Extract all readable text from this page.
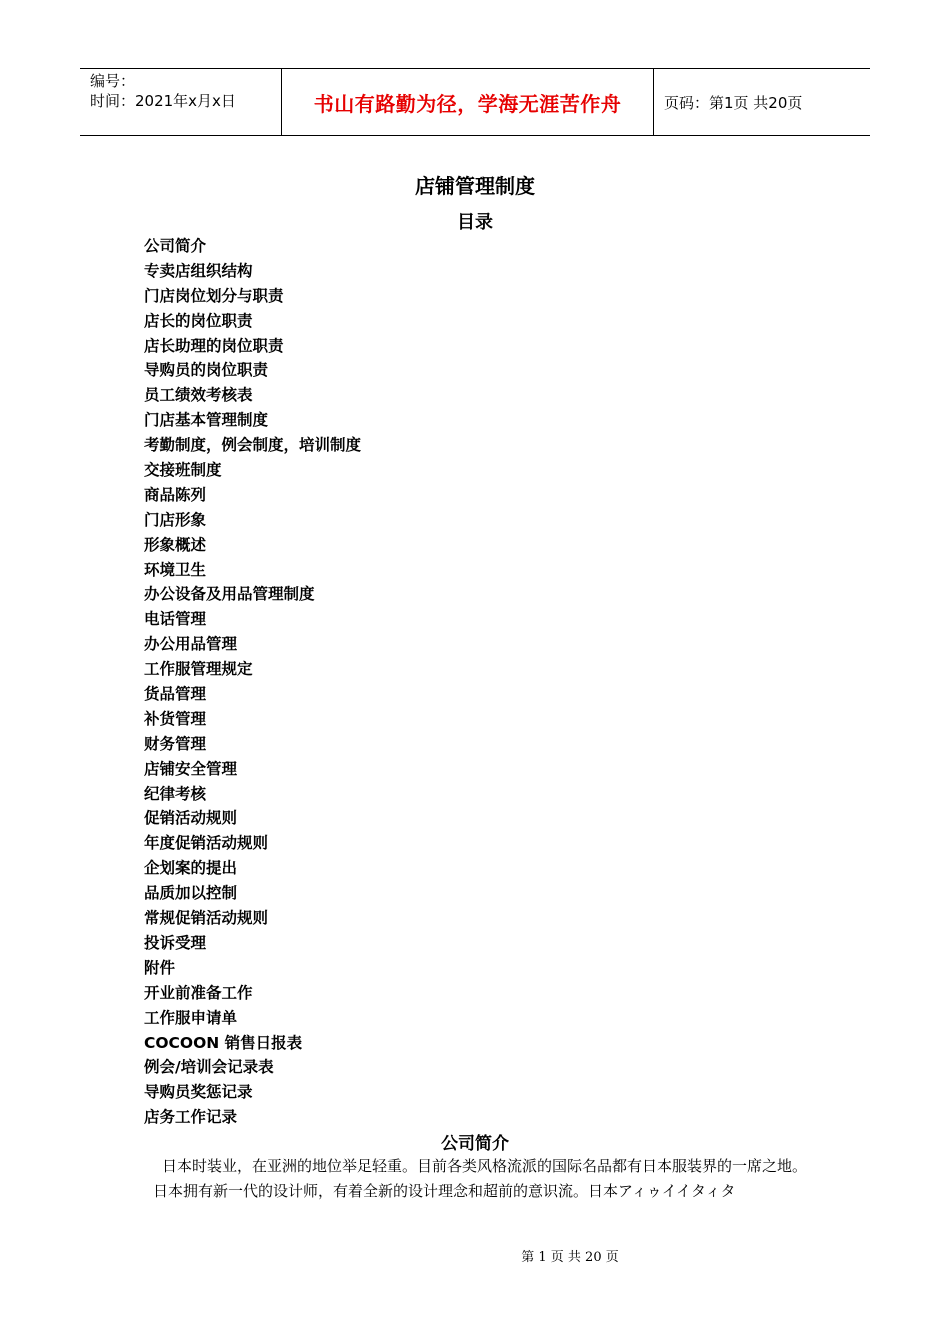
编号：
时间：2021年x月x日	书山有路勤为径，学海无涯苦作舟	页码：第1页 共20页
店铺管理制度
目录
公司简介
专卖店组织结构
门店岗位划分与职责
店长的岗位职责
店长助理的岗位职责
导购员的岗位职责
员工绩效考核表
门店基本管理制度
考勤制度，例会制度，培训制度
交接班制度
商品陈列
门店形象
形象概述
环境卫生
办公设备及用品管理制度
电话管理
办公用品管理
工作服管理规定
货品管理
补货管理
财务管理
店铺安全管理
纪律考核
促销活动规则
年度促销活动规则
企划案的提出
品质加以控制
常规促销活动规则
投诉受理
附件
开业前准备工作
工作服申请单
COCOON 销售日报表
例会/培训会记录表
导购员奖惩记录
店务工作记录
公司简介

日本时装业，在亚洲的地位举足轻重。目前各类风格流派的国际名品都有日本服装界的一席之地。

日本拥有新一代的设计师，有着全新的设计理念和超前的意识流。日本アィゥイイタィタ

第 1 页 共 20 页
